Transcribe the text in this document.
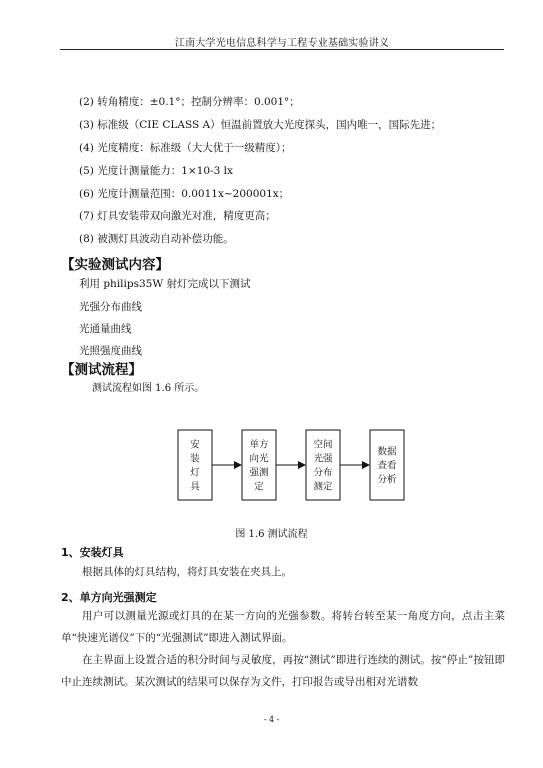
江南大学光电信息科学与工程专业基础实验讲义
(2) 转角精度：±0.1°；控制分辨率：0.001°；
(3) 标准级（CIE CLASS A）恒温前置放大光度探头，国内唯一，国际先进；
(4) 光度精度：标准级（大大优于一级精度）；
(5) 光度计测量能力：1×10-3 lx
(6) 光度计测量范围：0.0011x~200001x；
(7) 灯具安装带双向激光对准，精度更高；
(8) 被测灯具波动自动补偿功能。
【实验测试内容】
利用 philips35W 射灯完成以下测试
光强分布曲线
光通量曲线
光照强度曲线
【测试流程】
测试流程如图 1.6 所示。
安
装
灯
具
单方
向光
强测
定
空间
光强
分布
测定
数据
查看
分析
图 1.6 测试流程
1、安装灯具
根据具体的灯具结构，将灯具安装在夹具上。
2、单方向光强测定
用户可以测量光源或灯具的在某一方向的光强参数。将转台转至某一角度方向，点击主菜单“快速光谱仪”下的“光强测试”即进入测试界面。
在主界面上设置合适的积分时间与灵敏度，再按“测试”即进行连续的测试。按“停止”按钮即中止连续测试。某次测试的结果可以保存为文件，打印报告或导出相对光谱数
- 4 -
